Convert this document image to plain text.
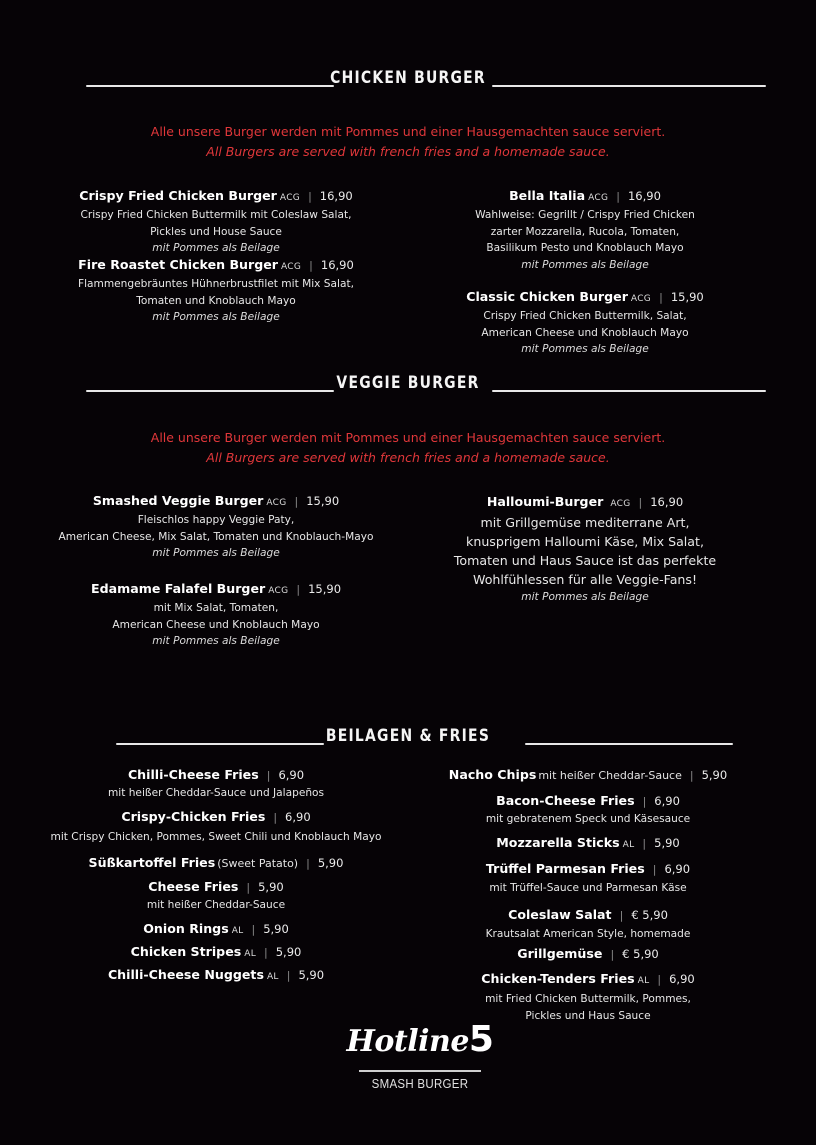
CHICKEN BURGER
Alle unsere Burger werden mit Pommes und einer Hausgemachten sauce serviert.
All Burgers are served with french fries and a homemade sauce.
Crispy Fried Chicken Burger ACG | 16,90
Crispy Fried Chicken Buttermilk mit Coleslaw Salat,
Pickles und House Sauce
mit Pommes als Beilage
Fire Roastet Chicken Burger ACG | 16,90
Flammengebräuntes Hühnerbrustfilet mit Mix Salat,
Tomaten und Knoblauch Mayo
mit Pommes als Beilage
Bella Italia ACG | 16,90
Wahlweise: Gegrillt / Crispy Fried Chicken
zarter Mozzarella, Rucola, Tomaten,
Basilikum Pesto und Knoblauch Mayo
mit Pommes als Beilage
Classic Chicken Burger ACG | 15,90
Crispy Fried Chicken Buttermilk, Salat,
American Cheese und Knoblauch Mayo
mit Pommes als Beilage
VEGGIE BURGER
Alle unsere Burger werden mit Pommes und einer Hausgemachten sauce serviert.
All Burgers are served with french fries and a homemade sauce.
Smashed Veggie Burger ACG | 15,90
Fleischlos happy Veggie Paty,
American Cheese, Mix Salat, Tomaten und Knoblauch-Mayo
mit Pommes als Beilage
Edamame Falafel Burger ACG | 15,90
mit Mix Salat, Tomaten,
American Cheese und Knoblauch Mayo
mit Pommes als Beilage
Halloumi-Burger ACG | 16,90
mit Grillgemüse mediterrane Art,
knusprigem Halloumi Käse, Mix Salat,
Tomaten und Haus Sauce ist das perfekte
Wohlfühlessen für alle Veggie-Fans!
mit Pommes als Beilage
BEILAGEN & FRIES
Chilli-Cheese Fries | 6,90
mit heißer Cheddar-Sauce und Jalapeños
Crispy-Chicken Fries | 6,90
mit Crispy Chicken, Pommes, Sweet Chili und Knoblauch Mayo
Süßkartoffel Fries (Sweet Patato) | 5,90
Cheese Fries | 5,90
mit heißer Cheddar-Sauce
Onion Rings AL | 5,90
Chicken Stripes AL | 5,90
Chilli-Cheese Nuggets AL | 5,90
Nacho Chips mit heißer Cheddar-Sauce | 5,90
Bacon-Cheese Fries | 6,90
mit gebratenem Speck und Käsesauce
Mozzarella Sticks AL | 5,90
Trüffel Parmesan Fries | 6,90
mit Trüffel-Sauce und Parmesan Käse
Coleslaw Salat | € 5,90
Krautsalat American Style, homemade
Grillgemüse | € 5,90
Chicken-Tenders Fries AL | 6,90
mit Fried Chicken Buttermilk, Pommes,
Pickles und Haus Sauce
Hotline5
SMASH BURGER
